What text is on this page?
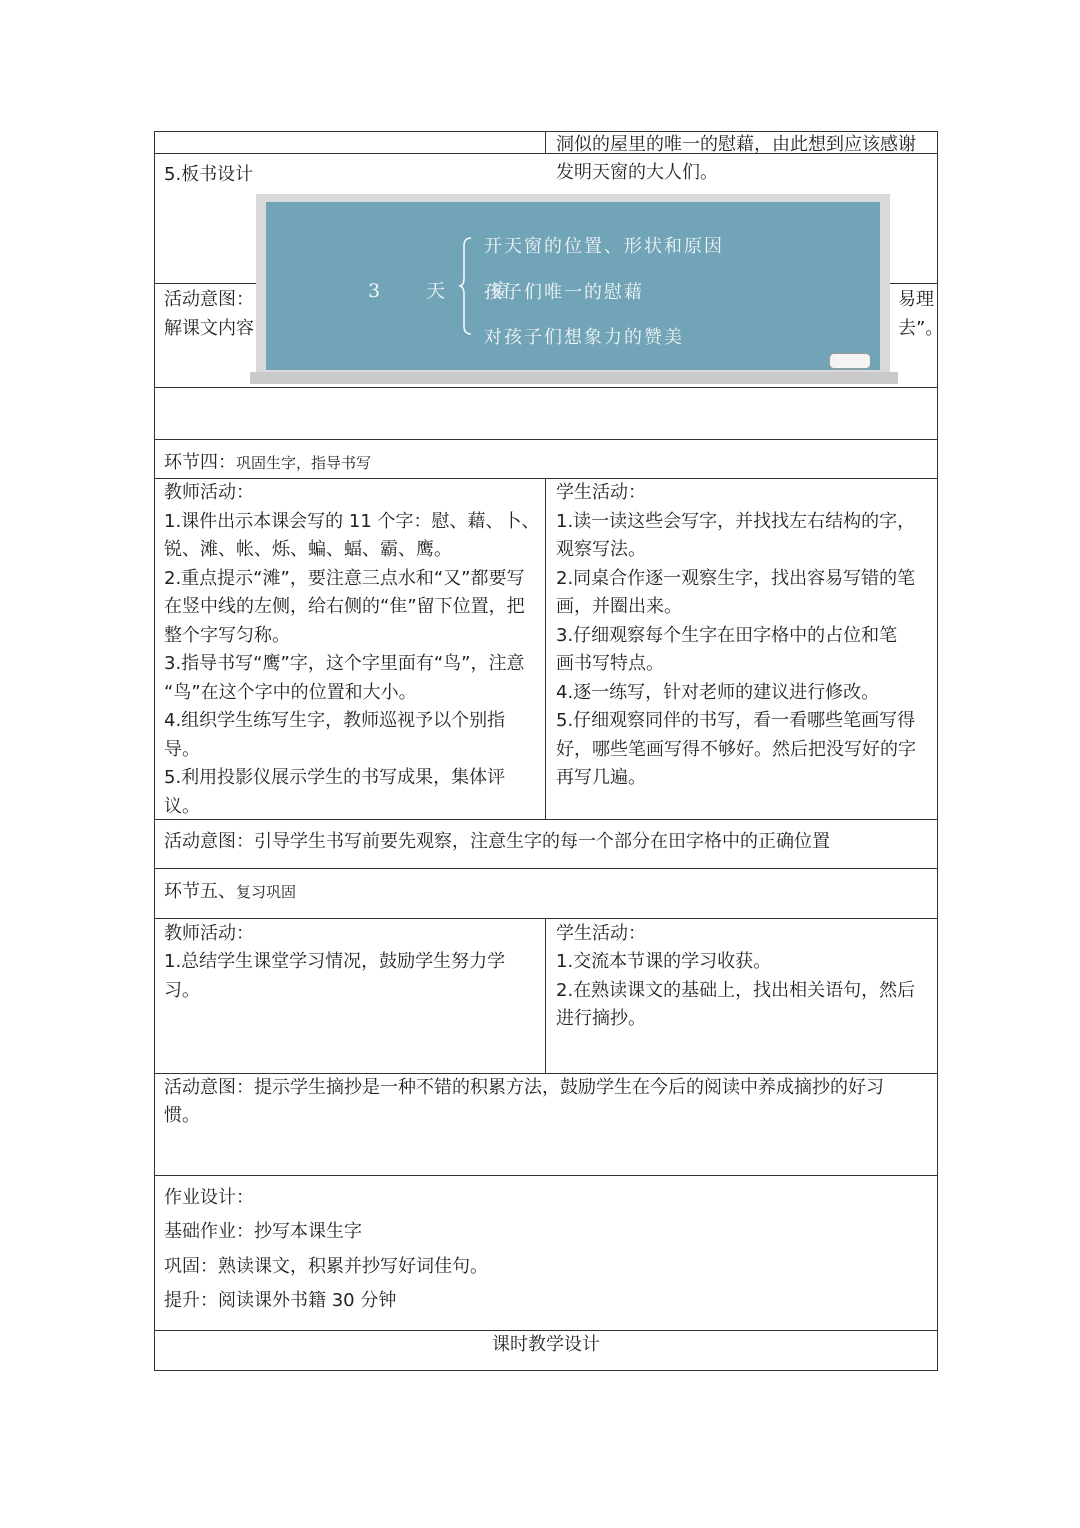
洞似的屋里的唯一的慰藉，由此想到应该感谢
5.板书设计	发明天窗的大人们。
活动意图：
解课文内容
易理
去”。
3 天 窗
开天窗的位置、形状和原因
孩子们唯一的慰藉
对孩子们想象力的赞美
环节四：巩固生字，指导书写
教师活动：
1.课件出示本课会写的 11 个字：慰、藉、卜、
锐、滩、帐、烁、蝙、蝠、霸、鹰。
2.重点提示“滩”，要注意三点水和“又”都要写
在竖中线的左侧，给右侧的“隹”留下位置，把
整个字写匀称。
3.指导书写“鹰”字，这个字里面有“鸟”，注意
“鸟”在这个字中的位置和大小。
4.组织学生练写生字，教师巡视予以个别指
导。
5.利用投影仪展示学生的书写成果，集体评
议。
学生活动：
1.读一读这些会写字，并找找左右结构的字，
观察写法。
2.同桌合作逐一观察生字，找出容易写错的笔
画，并圈出来。
3.仔细观察每个生字在田字格中的占位和笔
画书写特点。
4.逐一练写，针对老师的建议进行修改。
5.仔细观察同伴的书写，看一看哪些笔画写得
好，哪些笔画写得不够好。然后把没写好的字
再写几遍。
活动意图：引导学生书写前要先观察，注意生字的每一个部分在田字格中的正确位置
环节五、复习巩固
教师活动：
1.总结学生课堂学习情况，鼓励学生努力学
习。
学生活动：
1.交流本节课的学习收获。
2.在熟读课文的基础上，找出相关语句，然后
进行摘抄。
活动意图：提示学生摘抄是一种不错的积累方法，鼓励学生在今后的阅读中养成摘抄的好习
惯。
作业设计：
基础作业：抄写本课生字
巩固：熟读课文，积累并抄写好词佳句。
提升：阅读课外书籍 30 分钟
课时教学设计
